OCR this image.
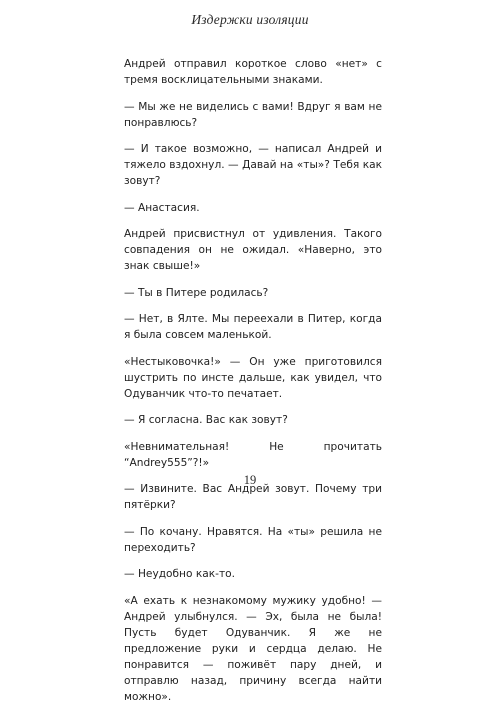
Издержки изоляции

Андрей отправил короткое слово «нет» с тремя восклицательными знаками.

— Мы же не виделись с вами! Вдруг я вам не понравлюсь?

— И такое возможно, — написал Андрей и тяжело вздохнул. — Давай на «ты»? Тебя как зовут?

— Анастасия.

Андрей присвистнул от удивления. Такого совпадения он не ожидал. «Наверно, это знак свыше!»

— Ты в Питере родилась?

— Нет, в Ялте. Мы переехали в Питер, когда я была совсем маленькой.

«Нестыковочка!» — Он уже приготовился шустрить по инсте дальше, как увидел, что Одуванчик что-то печатает.

— Я согласна. Вас как зовут?

«Невнимательная! Не прочитать “Andrey555”?!»

— Извините. Вас Андрей зовут. Почему три пятёрки?

— По кочану. Нравятся. На «ты» решила не переходить?

— Неудобно как-то.

«А ехать к незнакомому мужику удобно! — Андрей улыбнулся. — Эх, была не была! Пусть будет Одуванчик. Я же не предложение руки и сердца делаю. Не понравится — поживёт пару дней, и отправлю назад, причину всегда найти можно».

19
